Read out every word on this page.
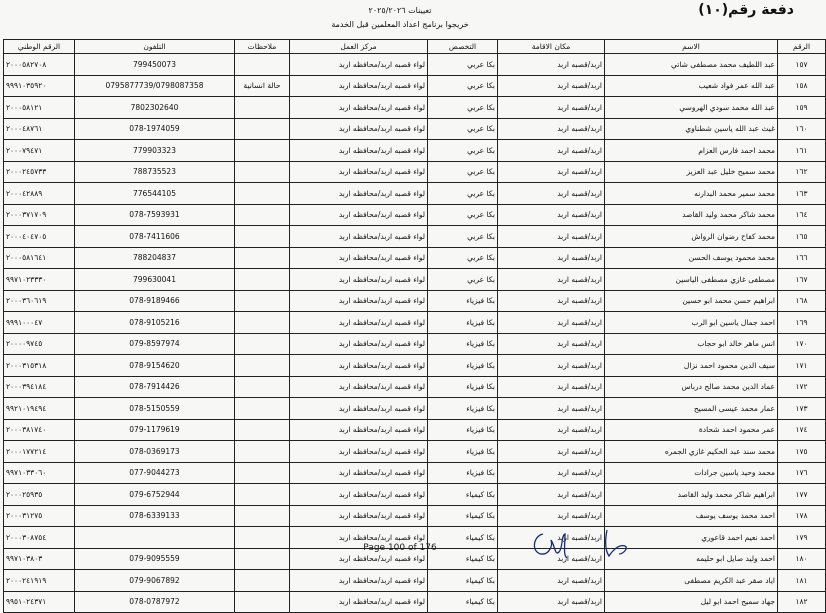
دفعة رقم(١٠)
تعيينات ٢٠٢٥/٢٠٢٦
خريجوا برنامج اعداد المعلمين قبل الخدمة
الرقم الوطني	التلفون	ملاحظات	مركز العمل	التخصص	مكان الاقامة	الاسم	الرقم
٢٠٠٠٥٨٢٧٠٨	799450073		لواء قصبه اربد/محافظه اربد	بكا عربي	اربد/قصبه اربد	عبد اللطيف محمد مصطفى شاتي	١٥٧
٩٩٩١٠٣٥٩٢٠	0795877739/0798087358	حالة انسانية	لواء قصبه اربد/محافظه اربد	بكا عربي	اربد/قصبه اربد	عبد الله عمر فواد شعيب	١٥٨
٢٠٠٠٥٨١٢١	7802302640		لواء قصبه اربد/محافظه اربد	بكا عربي	اربد/قصبه اربد	عبد الله محمد سودي الهروسي	١٥٩
٢٠٠٠٤٨٧٦١	078-1974059		لواء قصبه اربد/محافظه اربد	بكا عربي	اربد/قصبه اربد	غيث عبد الله ياسين شطناوي	١٦٠
٢٠٠٠٧٩٤٧١	779903323		لواء قصبه اربد/محافظه اربد	بكا عربي	اربد/قصبه اربد	محمد احمد فارس العزام	١٦١
٢٠٠٠٢٤٥٧٣٣	788735523		لواء قصبه اربد/محافظه اربد	بكا عربي	اربد/قصبه اربد	محمد سميح خليل عبد العزيز	١٦٢
٢٠٠٠٤٢٨٨٩	776544105		لواء قصبه اربد/محافظه اربد	بكا عربي	اربد/قصبه اربد	محمد سمير محمد البدارنه	١٦٣
٢٠٠٠٣٧١٧٠٩	078-7593931		لواء قصبه اربد/محافظه اربد	بكا عربي	اربد/قصبه اربد	محمد شاكر محمد وليد القاصد	١٦٤
٢٠٠٠٤٠٤٧٠٥	078-7411606		لواء قصبه اربد/محافظه اربد	بكا عربي	اربد/قصبه اربد	محمد كفاح رضوان الرواش	١٦٥
٢٠٠٠٥٨١٦٤١	788204837		لواء قصبه اربد/محافظه اربد	بكا عربي	اربد/قصبه اربد	محمد محمود يوسف الحسن	١٦٦
٩٩٧١٠٢٣٣٣٠	799630041		لواء قصبه اربد/محافظه اربد	بكا عربي	اربد/قصبه اربد	مصطفى غازي مصطفى الياسين	١٦٧
٢٠٠٠٣٦٠٦١٩	078-9189466		لواء قصبه اربد/محافظه اربد	بكا فيزياء	اربد/قصبه اربد	ابراهيم حسن محمد ابو حسين	١٦٨
٩٩٩١٠٠٠٤٧	078-9105216		لواء قصبه اربد/محافظه اربد	بكا فيزياء	اربد/قصبه اربد	احمد جمال ياسين ابو الرب	١٦٩
٢٠٠٠٠٩٧٤٥	079-8597974		لواء قصبه اربد/محافظه اربد	بكا فيزياء	اربد/قصبه اربد	انس ماهر خالد ابو حجاب	١٧٠
٢٠٠٠٣١٥٣١٨	078-9154620		لواء قصبه اربد/محافظه اربد	بكا فيزياء	اربد/قصبه اربد	سيف الدين محمود احمد نزال	١٧١
٢٠٠٠٣٩٤١٨٤	078-7914426		لواء قصبه اربد/محافظه اربد	بكا فيزياء	اربد/قصبه اربد	عماد الدين محمد صالح درباس	١٧٢
٩٩٢١٠١٩٤٩٤	078-5150559		لواء قصبه اربد/محافظه اربد	بكا فيزياء	اربد/قصبه اربد	عمار محمد عيسى المسيح	١٧٣
٢٠٠٠٣٨١٧٤٠	079-1179619		لواء قصبه اربد/محافظه اربد	بكا فيزياء	اربد/قصبه اربد	عمر محمود احمد شحادة	١٧٤
٢٠٠٠١٧٧٢١٤	078-0369173		لواء قصبه اربد/محافظه اربد	بكا فيزياء	اربد/قصبه اربد	محمد سند عبد الحكيم غازي الجمره	١٧٥
٩٩٧١٠٣٣٠٦٠	077-9044273		لواء قصبه اربد/محافظه اربد	بكا فيزياء	اربد/قصبه اربد	محمد وحيد ياسين جرادات	١٧٦
٢٠٠٠٢٥٩٣٥	079-6752944		لواء قصبه اربد/محافظه اربد	بكا كيمياء	اربد/قصبه اربد	ابراهيم شاكر محمد وليد القاصد	١٧٧
٢٠٠٠٣١٢٧٥	078-6339133		لواء قصبه اربد/محافظه اربد	بكا كيمياء	اربد/قصبه اربد	احمد محمد يوسف يوسف	١٧٨
٢٠٠٠٣٠٨٧٥٤			لواء قصبه اربد/محافظه اربد	بكا كيمياء	اربد/قصبه اربد	احمد نعيم احمد قاعوري	١٧٩
٩٩٧١٠٣٨٠٣	079-9095559		لواء قصبه اربد/محافظه اربد	بكا كيمياء	اربد/قصبه اربد	احمد وليد صايل ابو حليمه	١٨٠
٢٠٠٠٢٤١٩١٩	079-9067892		لواء قصبه اربد/محافظه اربد	بكا كيمياء	اربد/قصبه اربد	اياد صقر عبد الكريم مصطفى	١٨١
٩٩٥١٠٢٤٣٧١	078-0787972		لواء قصبه اربد/محافظه اربد	بكا كيمياء	اربد/قصبه اربد	جهاد سميح احمد ابو ليل	١٨٢
Page 100 of 176
